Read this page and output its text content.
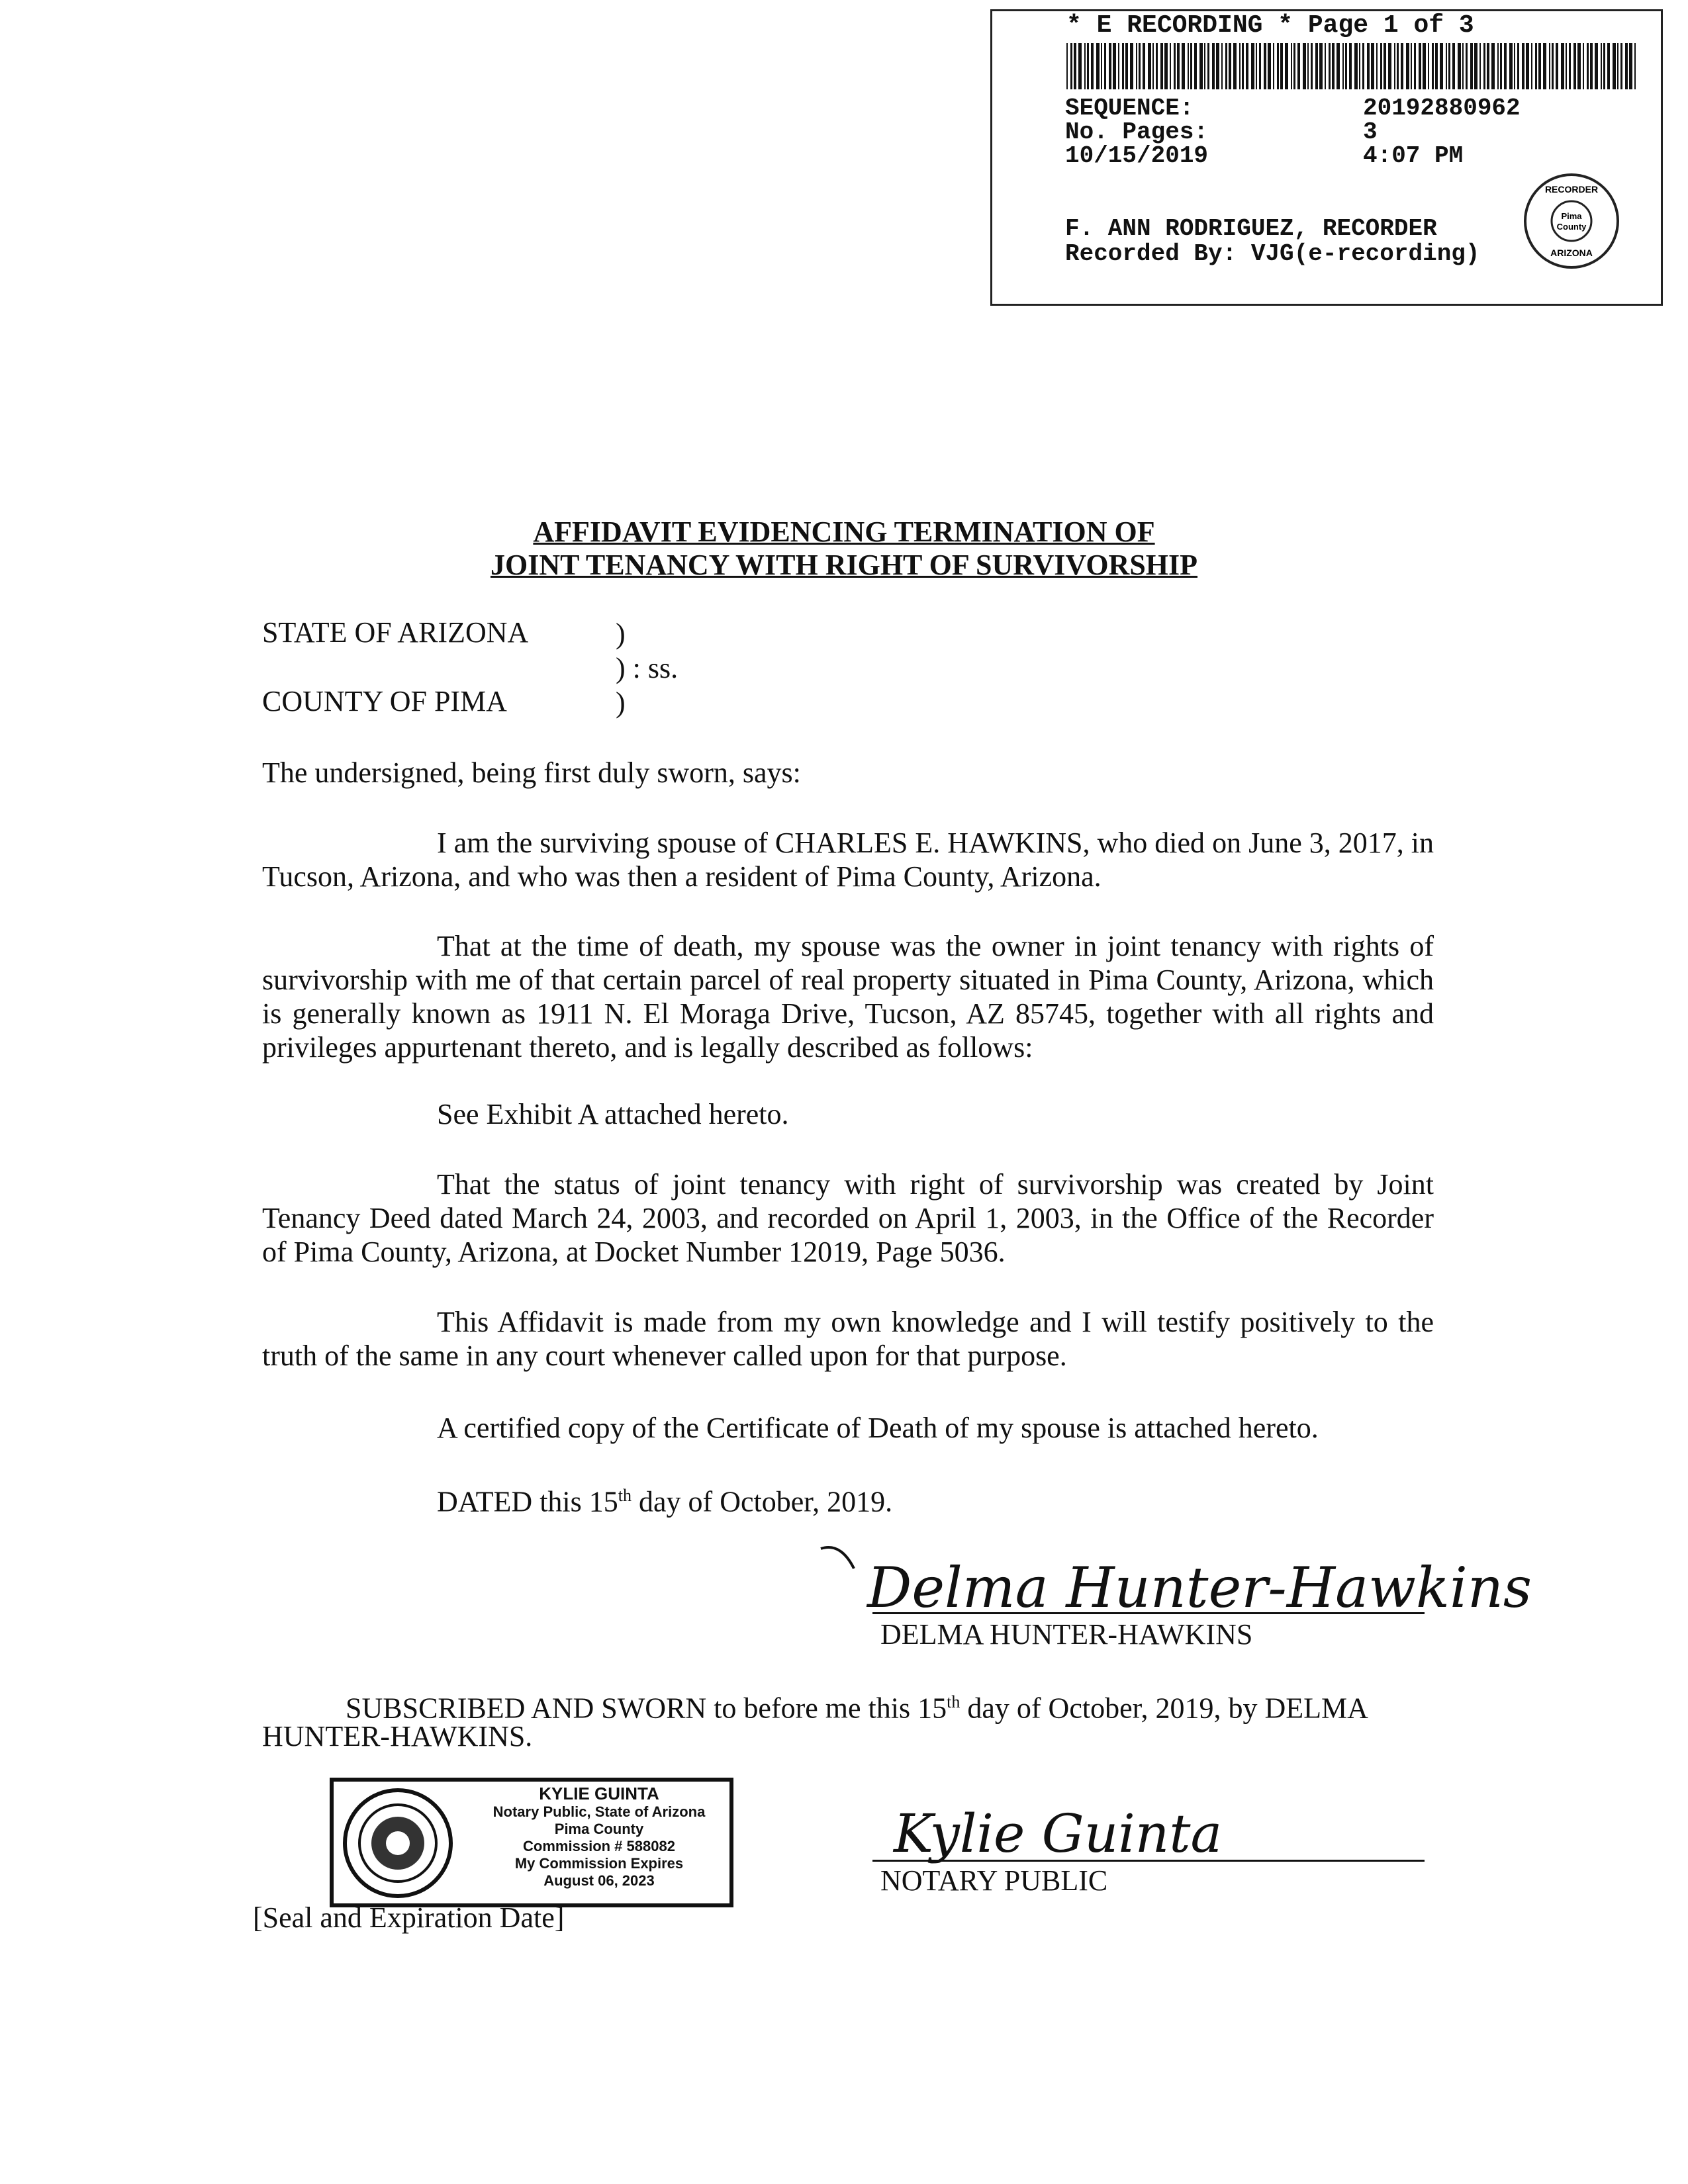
* E RECORDING * Page 1 of 3
SEQUENCE:	20192880962
No. Pages:	3
10/15/2019	4:07 PM
F. ANN RODRIGUEZ, RECORDER
Recorded By: VJG(e-recording)
Pima
County
RECORDER
ARIZONA
AFFIDAVIT EVIDENCING TERMINATION OF
JOINT TENANCY WITH RIGHT OF SURVIVORSHIP
STATE OF ARIZONA	)
) : ss.
COUNTY OF PIMA	)
The undersigned, being first duly sworn, says:
I am the surviving spouse of CHARLES E. HAWKINS, who died on June 3, 2017, in Tucson, Arizona, and who was then a resident of Pima County, Arizona.
That at the time of death, my spouse was the owner in joint tenancy with rights of survivorship with me of that certain parcel of real property situated in Pima County, Arizona, which is generally known as 1911 N. El Moraga Drive, Tucson, AZ 85745, together with all rights and privileges appurtenant thereto, and is legally described as follows:
See Exhibit A attached hereto.
That the status of joint tenancy with right of survivorship was created by Joint Tenancy Deed dated March 24, 2003, and recorded on April 1, 2003, in the Office of the Recorder of Pima County, Arizona, at Docket Number 12019, Page 5036.
This Affidavit is made from my own knowledge and I will testify positively to the truth of the same in any court whenever called upon for that purpose.
A certified copy of the Certificate of Death of my spouse is attached hereto.
DATED this 15th day of October, 2019.
Delma Hunter-Hawkins
DELMA HUNTER-HAWKINS
SUBSCRIBED AND SWORN to before me this 15th day of October, 2019, by DELMA
HUNTER-HAWKINS.
KYLIE GUINTA
Notary Public, State of Arizona
Pima County
Commission # 588082
My Commission Expires
August 06, 2023
[Seal and Expiration Date]
Kylie Guinta
NOTARY PUBLIC
